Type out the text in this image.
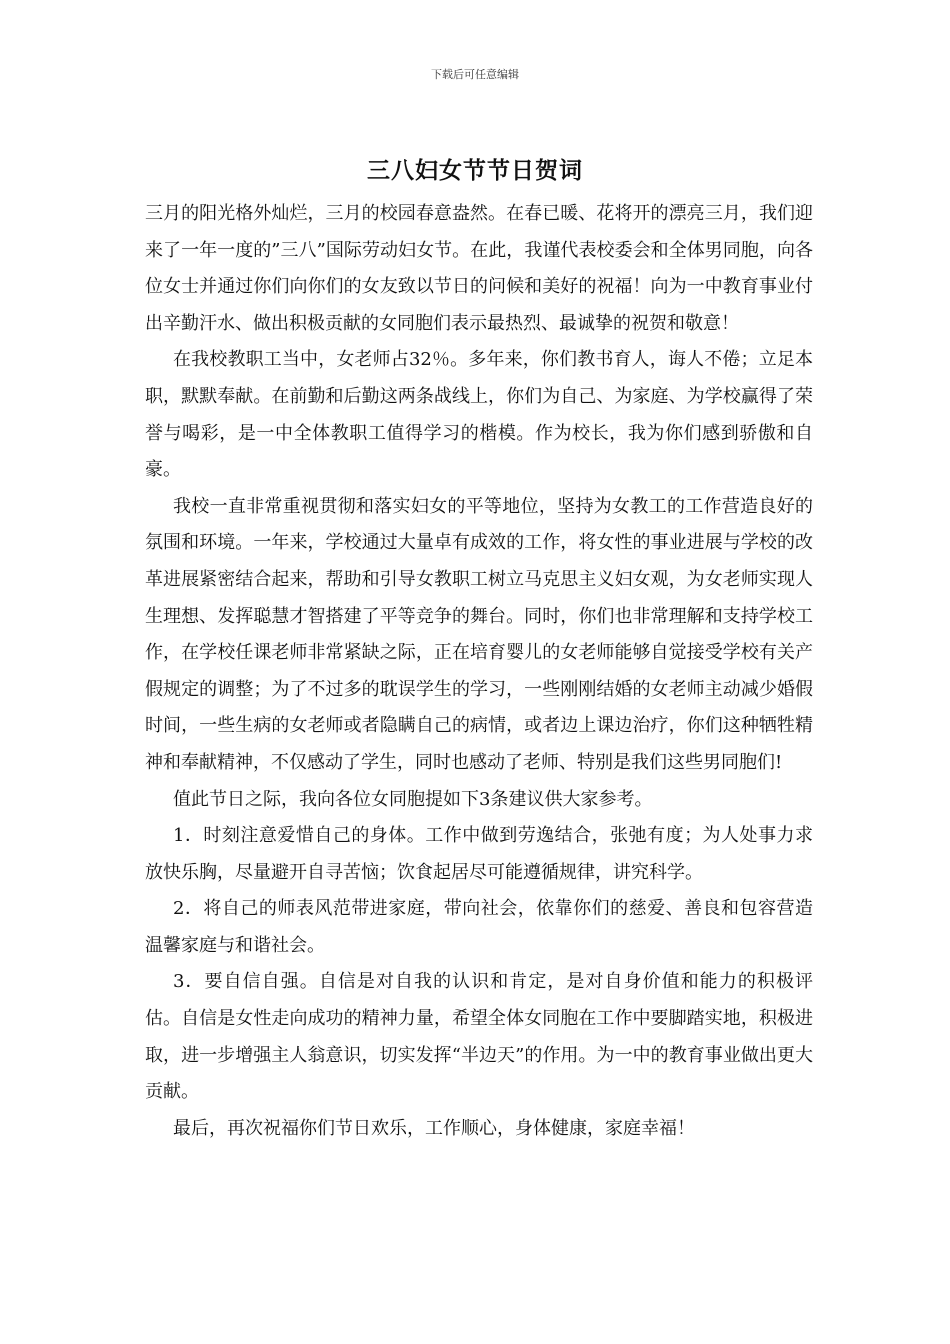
下载后可任意编辑
三八妇女节节日贺词

三月的阳光格外灿烂，三月的校园春意盎然。在春已暖、花将开的漂亮三月，我们迎来了一年一度的”三八”国际劳动妇女节。在此，我谨代表校委会和全体男同胞，向各位女士并通过你们向你们的女友致以节日的问候和美好的祝福！向为一中教育事业付出辛勤汗水、做出积极贡献的女同胞们表示最热烈、最诚挚的祝贺和敬意！

在我校教职工当中，女老师占32％。多年来，你们教书育人，诲人不倦；立足本职，默默奉献。在前勤和后勤这两条战线上，你们为自己、为家庭、为学校赢得了荣誉与喝彩，是一中全体教职工值得学习的楷模。作为校长，我为你们感到骄傲和自豪。

我校一直非常重视贯彻和落实妇女的平等地位，坚持为女教工的工作营造良好的氛围和环境。一年来，学校通过大量卓有成效的工作，将女性的事业进展与学校的改革进展紧密结合起来，帮助和引导女教职工树立马克思主义妇女观，为女老师实现人生理想、发挥聪慧才智搭建了平等竞争的舞台。同时，你们也非常理解和支持学校工作，在学校任课老师非常紧缺之际，正在培育婴儿的女老师能够自觉接受学校有关产假规定的调整；为了不过多的耽误学生的学习，一些刚刚结婚的女老师主动减少婚假时间，一些生病的女老师或者隐瞒自己的病情，或者边上课边治疗，你们这种牺牲精神和奉献精神，不仅感动了学生，同时也感动了老师、特别是我们这些男同胞们!

值此节日之际，我向各位女同胞提如下3条建议供大家参考。

1．时刻注意爱惜自己的身体。工作中做到劳逸结合，张弛有度；为人处事力求放快乐胸，尽量避开自寻苦恼；饮食起居尽可能遵循规律，讲究科学。

2．将自己的师表风范带进家庭，带向社会，依靠你们的慈爱、善良和包容营造温馨家庭与和谐社会。

3．要自信自强。自信是对自我的认识和肯定，是对自身价值和能力的积极评估。自信是女性走向成功的精神力量，希望全体女同胞在工作中要脚踏实地，积极进取，进一步增强主人翁意识，切实发挥“半边天”的作用。为一中的教育事业做出更大贡献。

最后，再次祝福你们节日欢乐，工作顺心，身体健康，家庭幸福！
